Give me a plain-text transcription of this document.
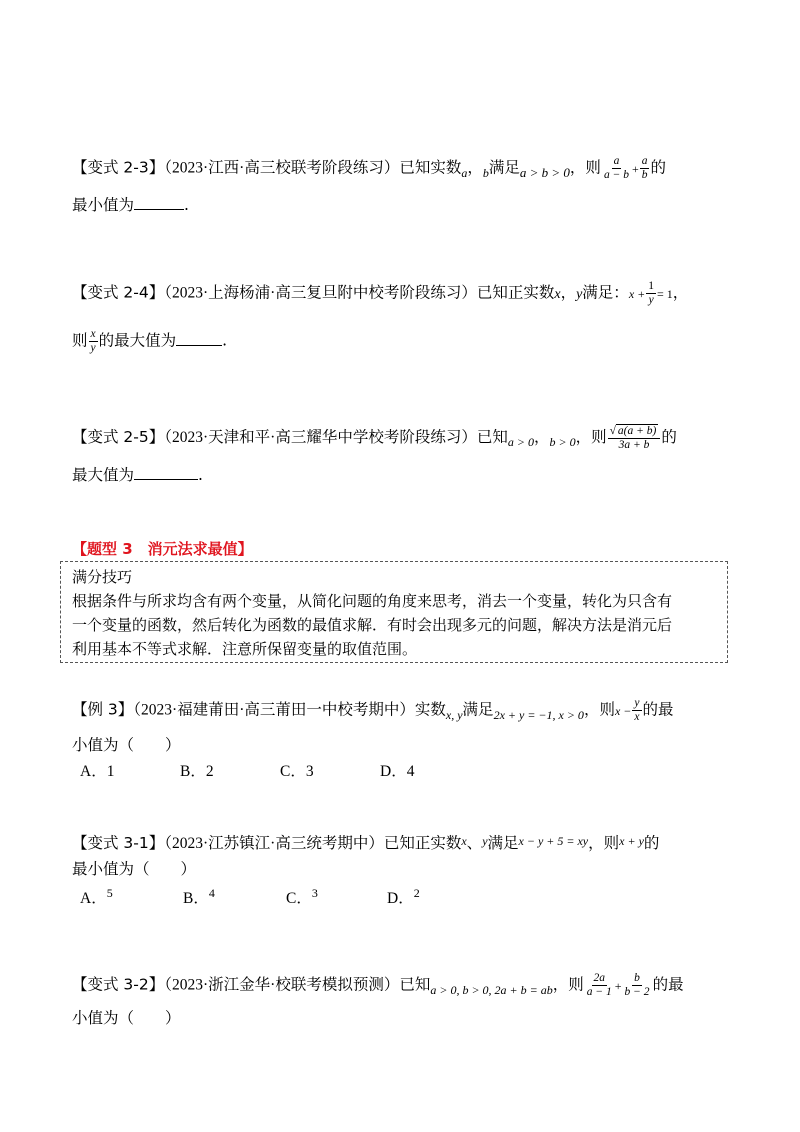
【变式 2-3】（2023·江西·高三校联考阶段练习）已知实数$_a$，$_b$满足$_{a > b > 0}$，则 $\frac{a}{a - b} + \frac{a}{b}$ 的
最小值为	.
【变式 2-4】（2023·上海杨浦·高三复旦附中校考阶段练习）已知正实数x，y满足：$x + \frac{1}{y} = 1$，
则 $\frac{x}{y}$ 的最大值为	.
【变式 2-5】（2023·天津和平·高三耀华中学校考阶段练习）已知$_{a > 0}$，$_{b > 0}$，则 $\frac{√ a(a + b)}{3a + b}$ 的
最大值为	.
【题型 3　消元法求最值】
满分技巧
根据条件与所求均含有两个变量，从简化问题的角度来思考，消去一个变量，转化为只含有
一个变量的函数，然后转化为函数的最值求解．有时会出现多元的问题，解决方法是消元后
利用基本不等式求解．注意所保留变量的取值范围。
【例 3】（2023·福建莆田·高三莆田一中校考期中）实数$_{x, y}$满足$_{2x + y = -1, x > 0}$，则$x - \frac{y}{x}$ 的最
小值为（　　）
A．1	B．2	C．3	D．4
【变式 3-1】（2023·江苏镇江·高三统考期中）已知正实数x、y满足x − y + 5 = xy，则x + y的
最小值为（　　）
A．$^5$	B．$^4$	C．$^3$	D．$^2$
【变式 3-2】（2023·浙江金华·校联考模拟预测）已知$_{a > 0, b > 0, 2a + b = ab}$，则 $\frac{2a}{a - 1} + \frac{b}{b - 2}$ 的最
小值为（　　）
